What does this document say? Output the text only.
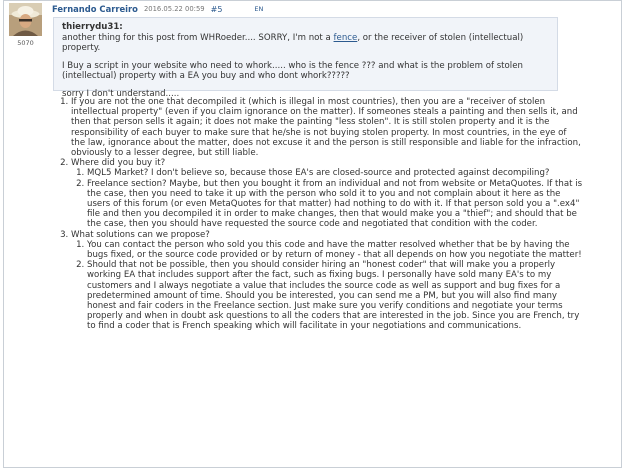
5070
Fernando Carreiro 2016.05.22 00:59 #5	EN
thierrydu31:
another thing for this post from WHRoeder.... SORRY, I'm not a fence, or the receiver of stolen (intellectual) property.
I Buy a script in your website who need to whork..... who is the fence ??? and what is the problem of stolen (intellectual) property with a EA you buy and who dont whork?????
sorry I don't understand.....
1. If you are not the one that decompiled it (which is illegal in most countries), then you are a "receiver of stolen intellectual property" (even if you claim ignorance on the matter). If someones steals a painting and then sells it, and then that person sells it again; it does not make the painting "less stolen". It is still stolen property and it is the responsibility of each buyer to make sure that he/she is not buying stolen property. In most countries, in the eye of the law, ignorance about the matter, does not excuse it and the person is still responsible and liable for the infraction, obviously to a lesser degree, but still liable.
2. Where did you buy it?
1. MQL5 Market? I don't believe so, because those EA's are closed-source and protected against decompiling?
2. Freelance section? Maybe, but then you bought it from an individual and not from website or MetaQuotes. If that is the case, then you need to take it up with the person who sold it to you and not complain about it here as the users of this forum (or even MetaQuotes for that matter) had nothing to do with it. If that person sold you a ".ex4" file and then you decompiled it in order to make changes, then that would make you a "thief"; and should that be the case, then you should have requested the source code and negotiated that condition with the coder.
3. What solutions can we propose?
1. You can contact the person who sold you this code and have the matter resolved whether that be by having the bugs fixed, or the source code provided or by return of money - that all depends on how you negotiate the matter!
2. Should that not be possible, then you should consider hiring an "honest coder" that will make you a properly working EA that includes support after the fact, such as fixing bugs. I personally have sold many EA's to my customers and I always negotiate a value that includes the source code as well as support and bug fixes for a predetermined amount of time. Should you be interested, you can send me a PM, but you will also find many honest and fair coders in the Freelance section. Just make sure you verify conditions and negotiate your terms properly and when in doubt ask questions to all the coders that are interested in the job. Since you are French, try to find a coder that is French speaking which will facilitate in your negotiations and communications.
